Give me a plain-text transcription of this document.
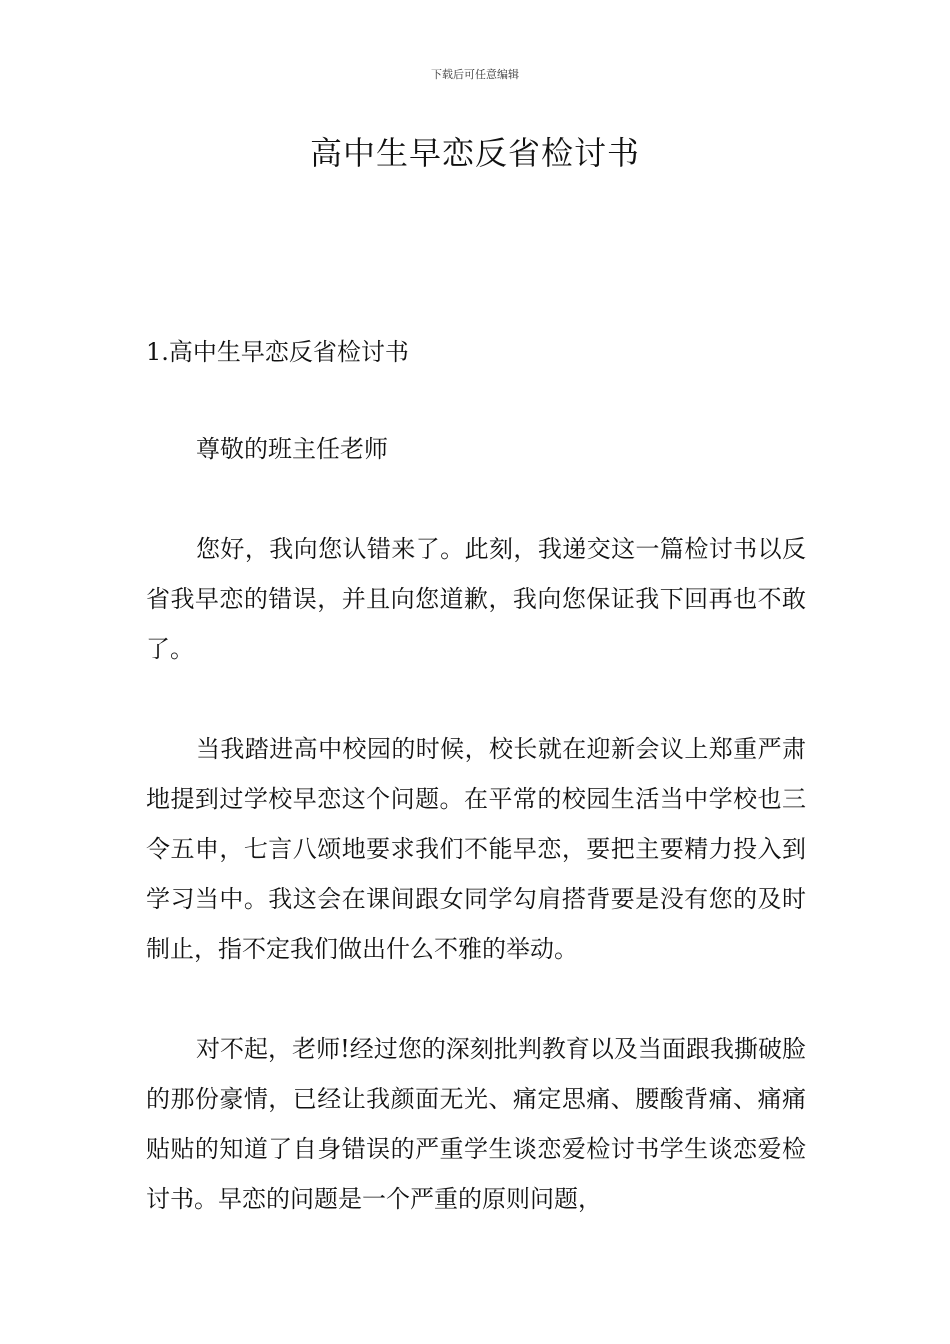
下载后可任意编辑
高中生早恋反省检讨书
1.高中生早恋反省检讨书

尊敬的班主任老师

您好，我向您认错来了。此刻，我递交这一篇检讨书以反省我早恋的错误，并且向您道歉，我向您保证我下回再也不敢了。

当我踏进高中校园的时候，校长就在迎新会议上郑重严肃地提到过学校早恋这个问题。在平常的校园生活当中学校也三令五申，七言八颂地要求我们不能早恋，要把主要精力投入到学习当中。我这会在课间跟女同学勾肩搭背要是没有您的及时制止，指不定我们做出什么不雅的举动。

对不起，老师!经过您的深刻批判教育以及当面跟我撕破脸的那份豪情，已经让我颜面无光、痛定思痛、腰酸背痛、痛痛贴贴的知道了自身错误的严重学生谈恋爱检讨书学生谈恋爱检讨书。早恋的问题是一个严重的原则问题，
